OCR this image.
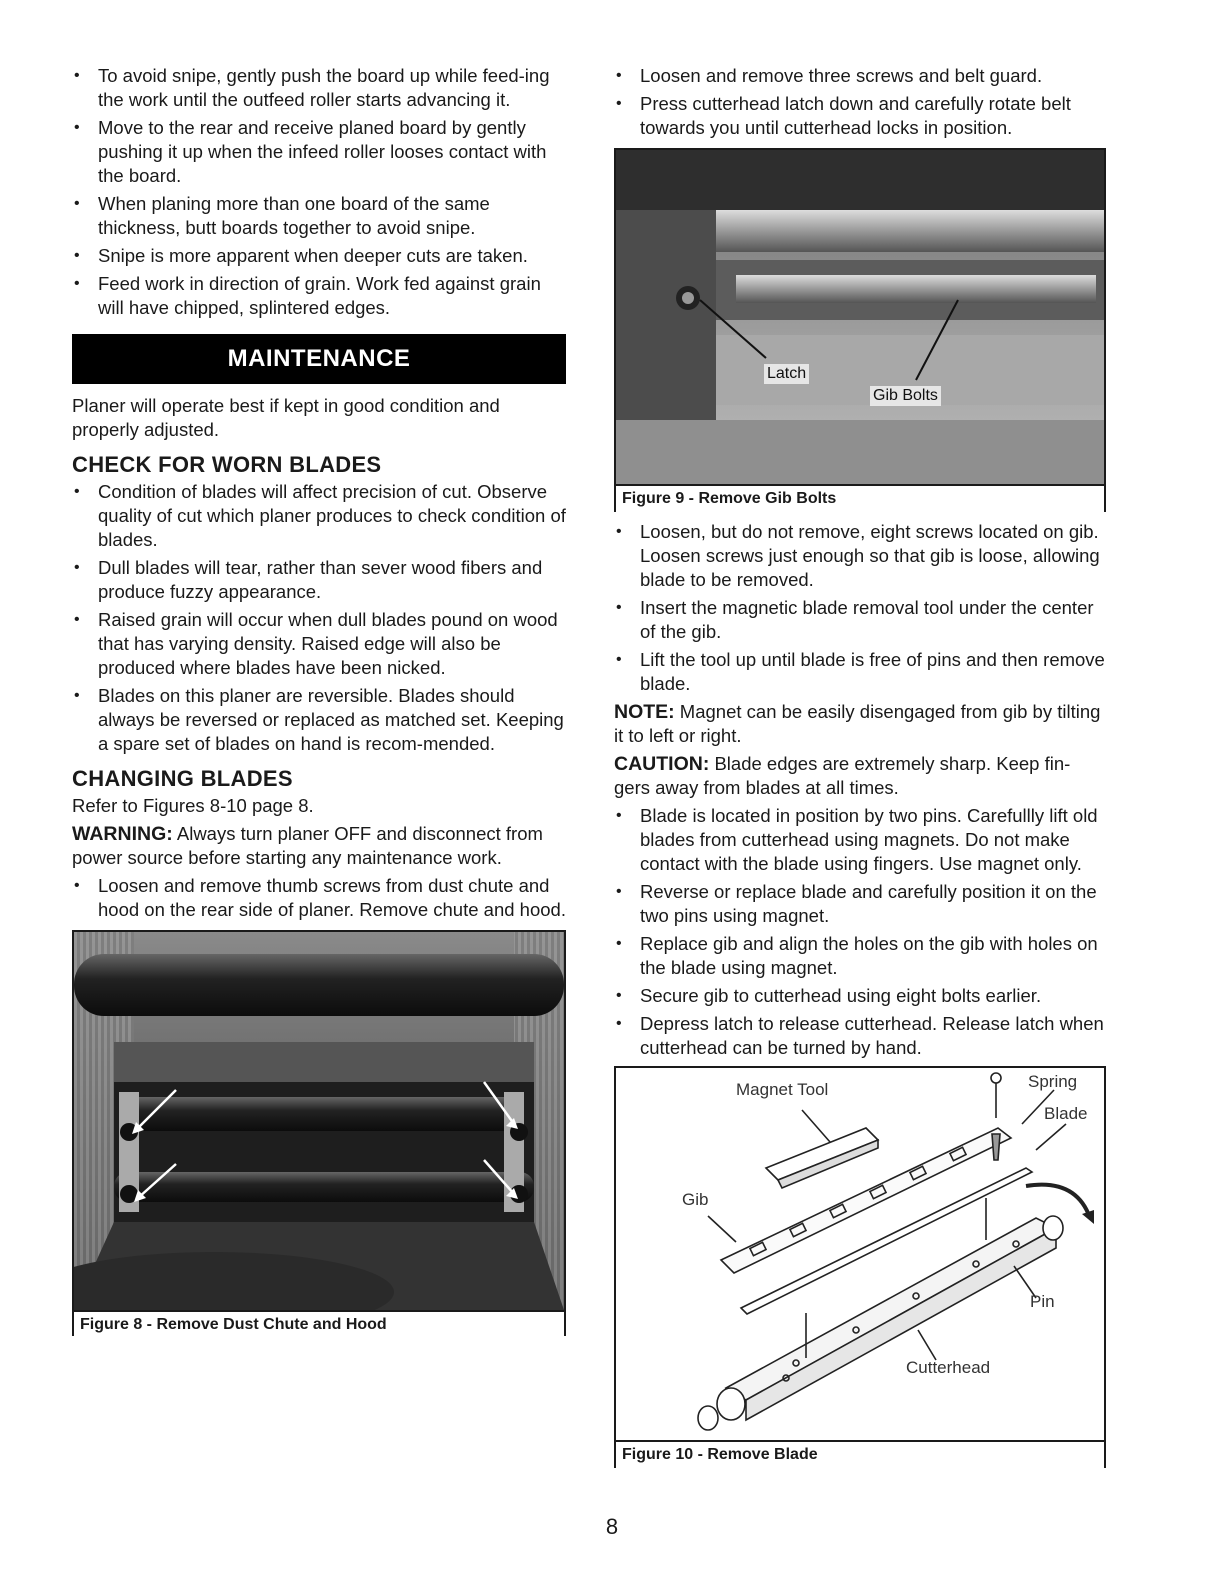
• To avoid snipe, gently push the board up while feed-ing the work until the outfeed roller starts advancing it.
• Move to the rear and receive planed board by gently pushing it up when the infeed roller looses contact with the board.
• When planing more than one board of the same thickness, butt boards together to avoid snipe.
• Snipe is more apparent when deeper cuts are taken.
• Feed work in direction of grain. Work fed against grain will have chipped, splintered edges.
MAINTENANCE

Planer will operate best if kept in good condition and properly adjusted.

CHECK FOR WORN BLADES
• Condition of blades will affect precision of cut. Observe quality of cut which planer produces to check condition of blades.
• Dull blades will tear, rather than sever wood fibers and produce fuzzy appearance.
• Raised grain will occur when dull blades pound on wood that has varying density. Raised edge will also be produced where blades have been nicked.
• Blades on this planer are reversible. Blades should always be reversed or replaced as matched set. Keeping a spare set of blades on hand is recom-mended.
CHANGING BLADES

Refer to Figures 8-10 page 8.

WARNING: Always turn planer OFF and disconnect from power source before starting any maintenance work.

• Loosen and remove thumb screws from dust chute and hood on the rear side of planer. Remove chute and hood.
Figure 8 - Remove Dust Chute and Hood
• Loosen and remove three screws and belt guard.
• Press cutterhead latch down and carefully rotate belt towards you until cutterhead locks in position.
Latch
Gib Bolts
Figure 9 - Remove Gib Bolts
• Loosen, but do not remove, eight screws located on gib. Loosen screws just enough so that gib is loose, allowing blade to be removed.
• Insert the magnetic blade removal tool under the center of the gib.
• Lift the tool up until blade is free of pins and then remove blade.

NOTE: Magnet can be easily disengaged from gib by tilting it to left or right.

CAUTION: Blade edges are extremely sharp. Keep fin-gers away from blades at all times.

• Blade is located in position by two pins. Carefullly lift old blades from cutterhead using magnets. Do not make contact with the blade using fingers. Use magnet only.
• Reverse or replace blade and carefully position it on the two pins using magnet.
• Replace gib and align the holes on the gib with holes on the blade using magnet.
• Secure gib to cutterhead using eight bolts earlier.
• Depress latch to release cutterhead. Release latch when cutterhead can be turned by hand.
Magnet Tool	Spring
Blade
Gib
Pin
Cutterhead
Figure 10 - Remove Blade
8
